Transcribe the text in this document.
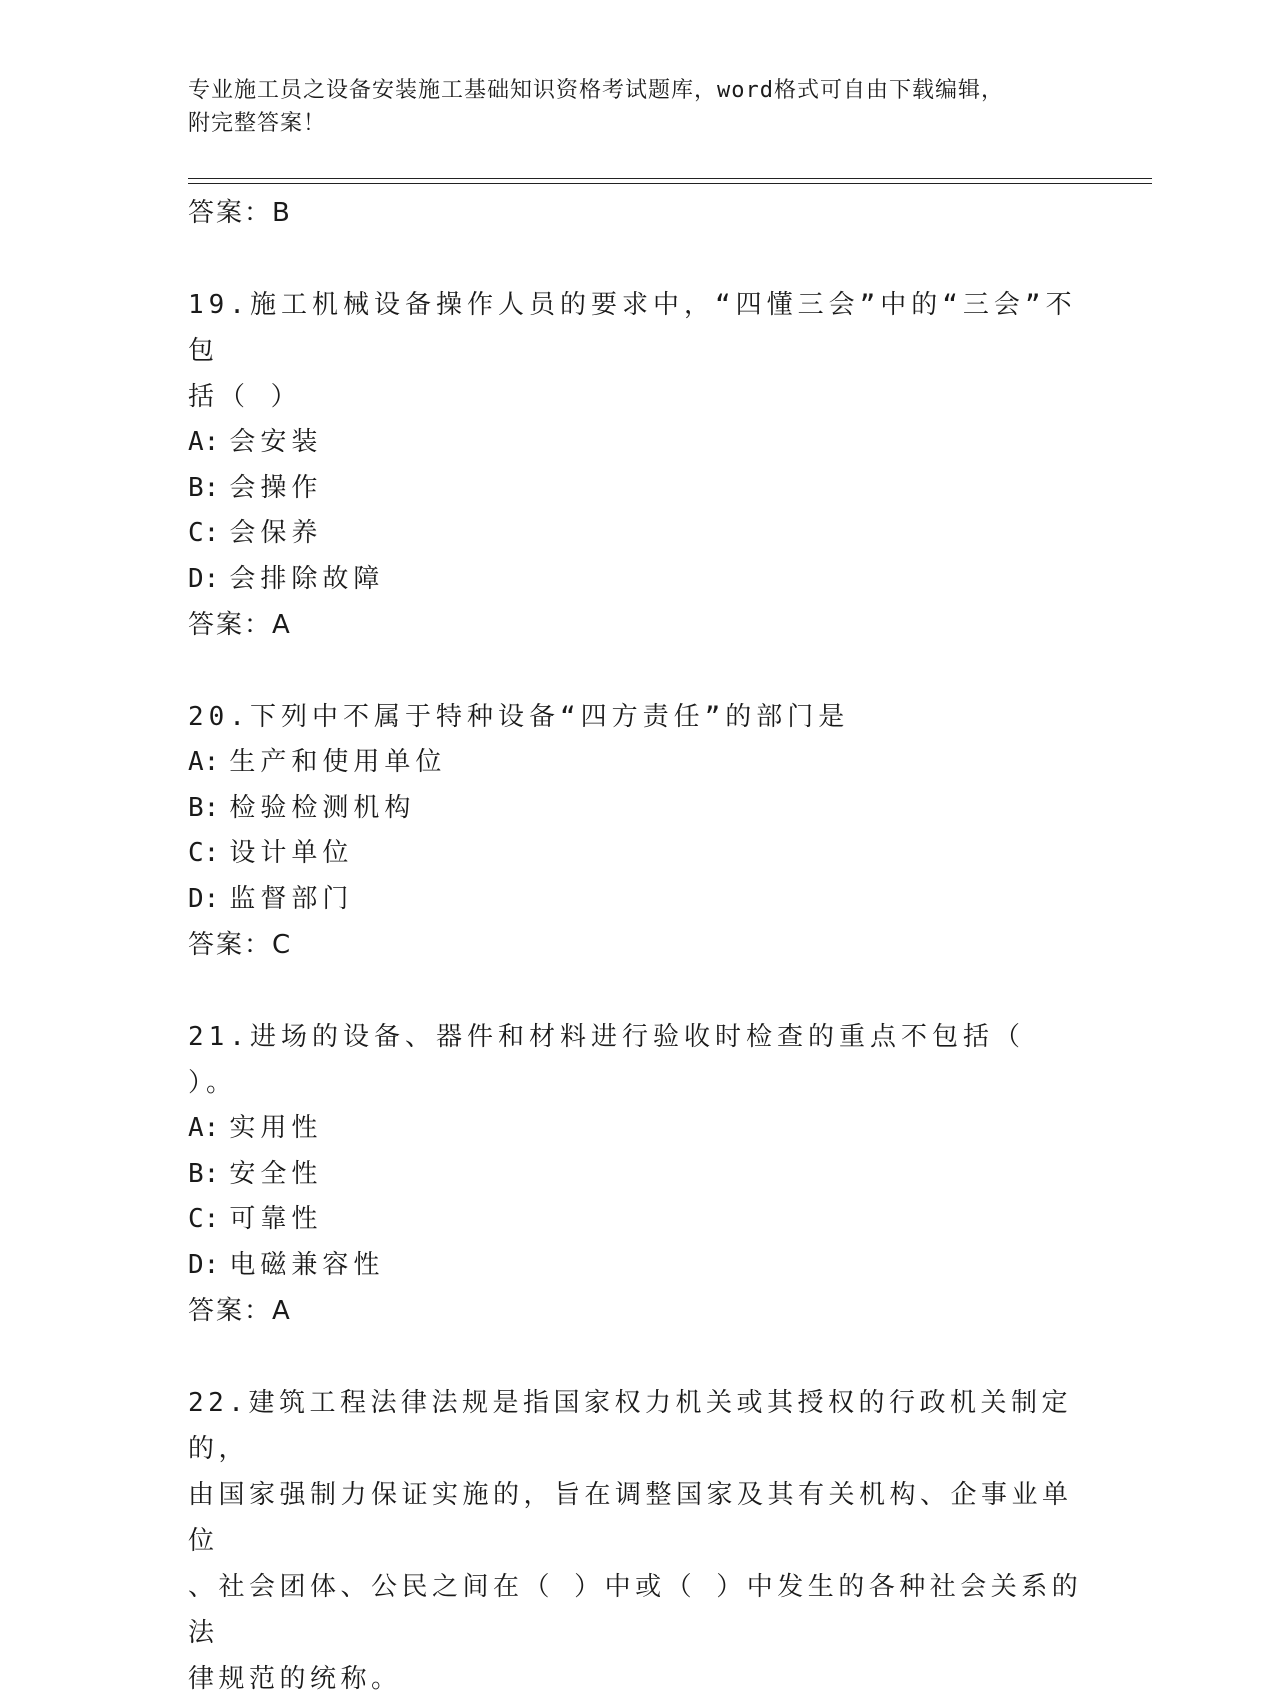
专业施工员之设备安装施工基础知识资格考试题库，word格式可自由下载编辑，
附完整答案！
答案：B
19.施工机械设备操作人员的要求中，“四懂三会”中的“三会”不包
括（ ）
A: 会安装
B: 会操作
C: 会保养
D: 会排除故障
答案：A
20.下列中不属于特种设备“四方责任”的部门是
A: 生产和使用单位
B: 检验检测机构
C: 设计单位
D: 监督部门
答案：C
21.进场的设备、器件和材料进行验收时检查的重点不包括（ ）。
A: 实用性
B: 安全性
C: 可靠性
D: 电磁兼容性
答案：A
22.建筑工程法律法规是指国家权力机关或其授权的行政机关制定的，
由国家强制力保证实施的，旨在调整国家及其有关机构、企事业单位
、社会团体、公民之间在（ ）中或（ ）中发生的各种社会关系的法
律规范的统称。
